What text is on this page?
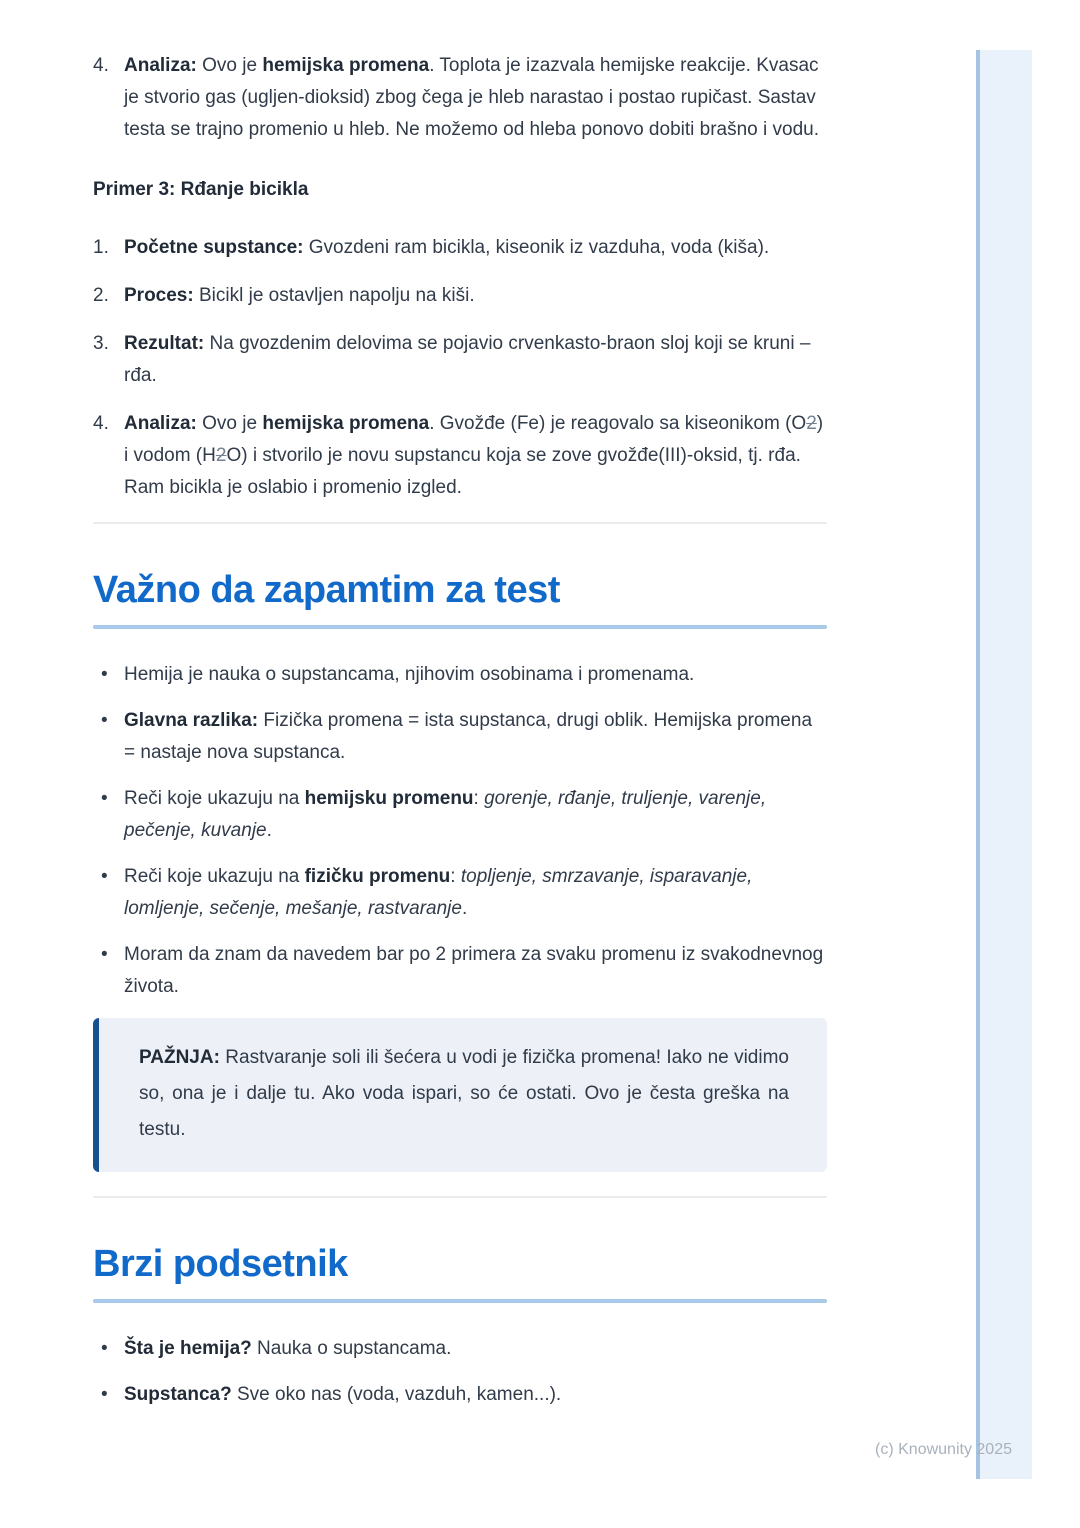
4. Analiza: Ovo je hemijska promena. Toplota je izazvala hemijske reakcije. Kvasac je stvorio gas (ugljen-dioksid) zbog čega je hleb narastao i postao rupičast. Sastav testa se trajno promenio u hleb. Ne možemo od hleba ponovo dobiti brašno i vodu.

Primer 3: Rđanje bicikla

1. Početne supstance: Gvozdeni ram bicikla, kiseonik iz vazduha, voda (kiša).
2. Proces: Bicikl je ostavljen napolju na kiši.
3. Rezultat: Na gvozdenim delovima se pojavio crvenkasto-braon sloj koji se kruni – rđa.
4. Analiza: Ovo je hemijska promena. Gvožđe (Fe) je reagovalo sa kiseonikom (O2) i vodom (H2O) i stvorilo je novu supstancu koja se zove gvožđe(III)-oksid, tj. rđa. Ram bicikla je oslabio i promenio izgled.
Važno da zapamtim za test
Hemija je nauka o supstancama, njihovim osobinama i promenama.
Glavna razlika: Fizička promena = ista supstanca, drugi oblik. Hemijska promena = nastaje nova supstanca.
Reči koje ukazuju na hemijsku promenu: gorenje, rđanje, truljenje, varenje, pečenje, kuvanje.
Reči koje ukazuju na fizičku promenu: topljenje, smrzavanje, isparavanje, lomljenje, sečenje, mešanje, rastvaranje.
Moram da znam da navedem bar po 2 primera za svaku promenu iz svakodnevnog života.

PAŽNJA: Rastvaranje soli ili šećera u vodi je fizička promena! Iako ne vidimo so, ona je i dalje tu. Ako voda ispari, so će ostati. Ovo je česta greška na testu.

Brzi podsetnik
Šta je hemija? Nauka o supstancama.
Supstanca? Sve oko nas (voda, vazduh, kamen...).
(c) Knowunity 2025
